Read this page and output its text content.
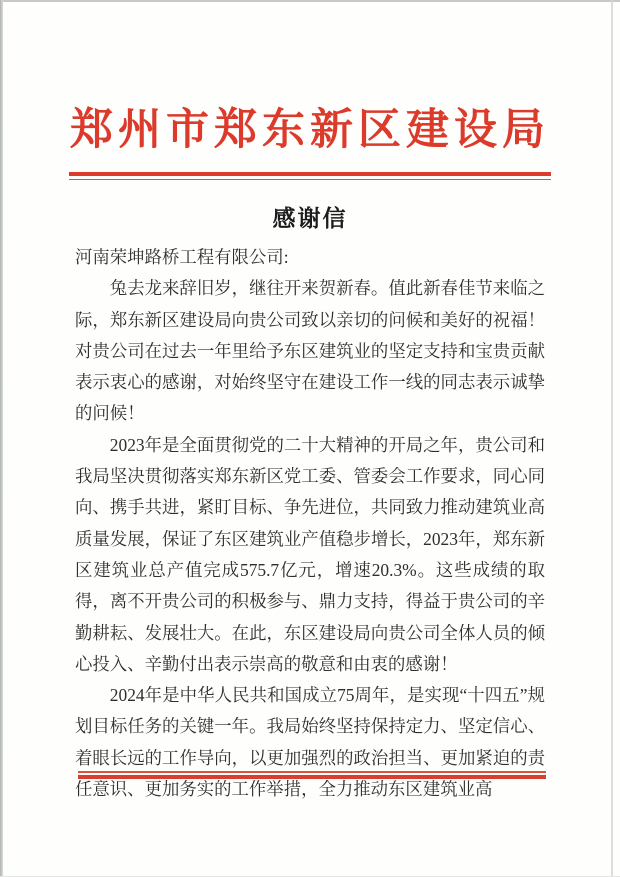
郑州市郑东新区建设局
感谢信

河南荣坤路桥工程有限公司:

兔去龙来辞旧岁，继往开来贺新春。值此新春佳节来临之际，郑东新区建设局向贵公司致以亲切的问候和美好的祝福！对贵公司在过去一年里给予东区建筑业的坚定支持和宝贵贡献表示衷心的感谢，对始终坚守在建设工作一线的同志表示诚挚的问候！

2023年是全面贯彻党的二十大精神的开局之年，贵公司和我局坚决贯彻落实郑东新区党工委、管委会工作要求，同心同向、携手共进，紧盯目标、争先进位，共同致力推动建筑业高质量发展，保证了东区建筑业产值稳步增长，2023年，郑东新区建筑业总产值完成575.7亿元，增速20.3%。这些成绩的取得，离不开贵公司的积极参与、鼎力支持，得益于贵公司的辛勤耕耘、发展壮大。在此，东区建设局向贵公司全体人员的倾心投入、辛勤付出表示崇高的敬意和由衷的感谢！

2024年是中华人民共和国成立75周年，是实现“十四五”规划目标任务的关键一年。我局始终坚持保持定力、坚定信心、着眼长远的工作导向，以更加强烈的政治担当、更加紧迫的责任意识、更加务实的工作举措，全力推动东区建筑业高
